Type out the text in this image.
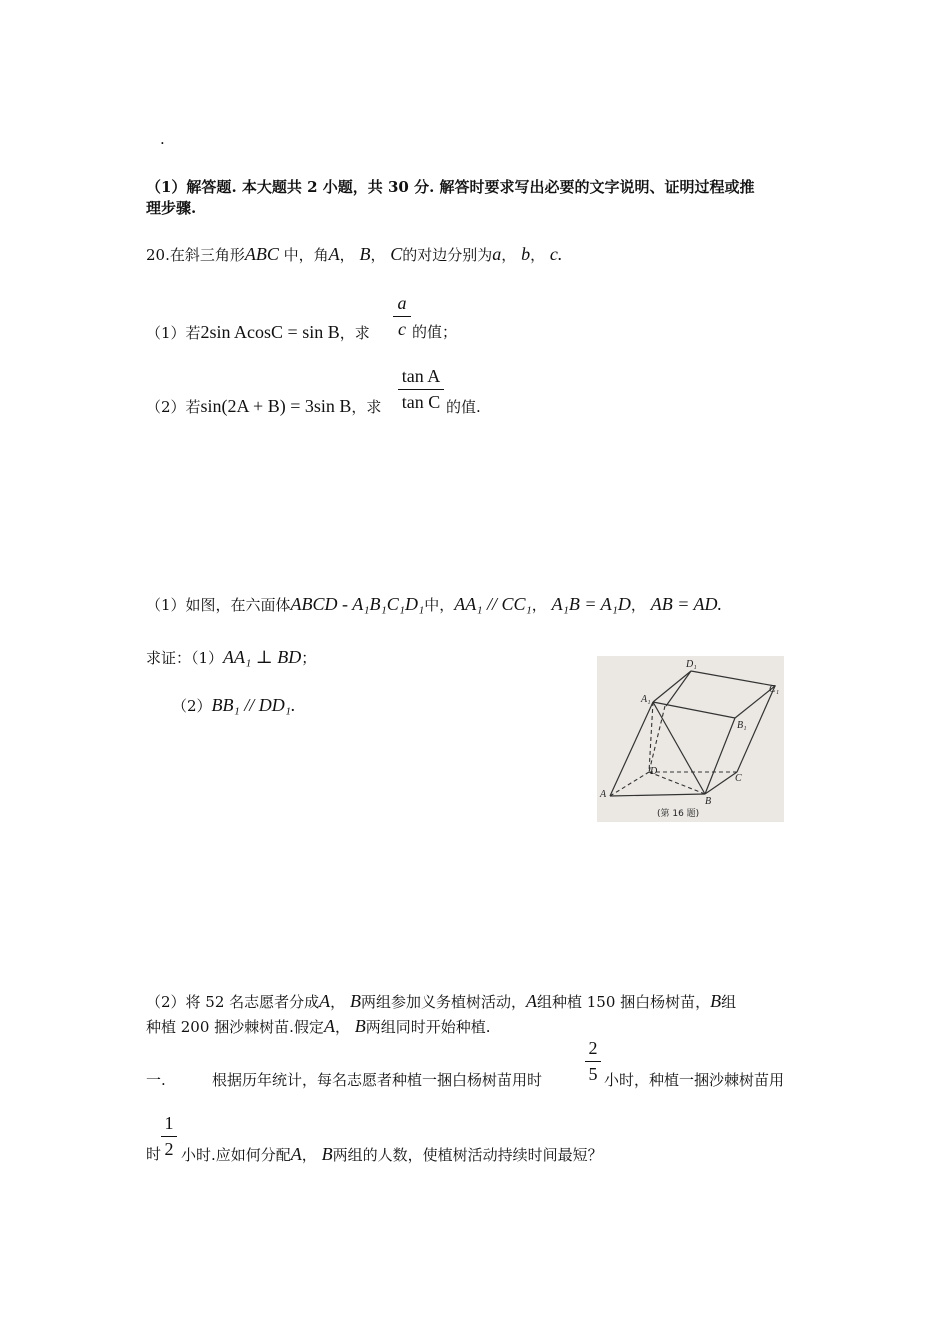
.
（1）解答题. 本大题共 2 小题，共 30 分. 解答时要求写出必要的文字说明、证明过程或推
理步骤.
20.在斜三角形ABC 中，角A， B， C的对边分别为a， b， c.
（1）若2sin AcosC = sin B，求
a
c 的值；
（2）若sin(2A + B) = 3sin B，求
tan A
tan C 的值.
（1）如图，在六面体ABCD - A₁B₁C₁D₁中，AA₁ // CC₁， A₁B = A₁D， AB = AD.
求证：（1）AA₁ ⊥ BD；
（2）BB₁ // DD₁.
D₁
C₁
A₁
B₁
D
C
A
B
(第 16 题)
（2）将 52 名志愿者分成A， B两组参加义务植树活动，A组种植 150 捆白杨树苗，B组
种植 200 捆沙棘树苗.假定A， B两组同时开始种植.
一.	根据历年统计，每名志愿者种植一捆白杨树苗用时
2
5 小时，种植一捆沙棘树苗用
时
1
2 小时.应如何分配A， B两组的人数，使植树活动持续时间最短？
